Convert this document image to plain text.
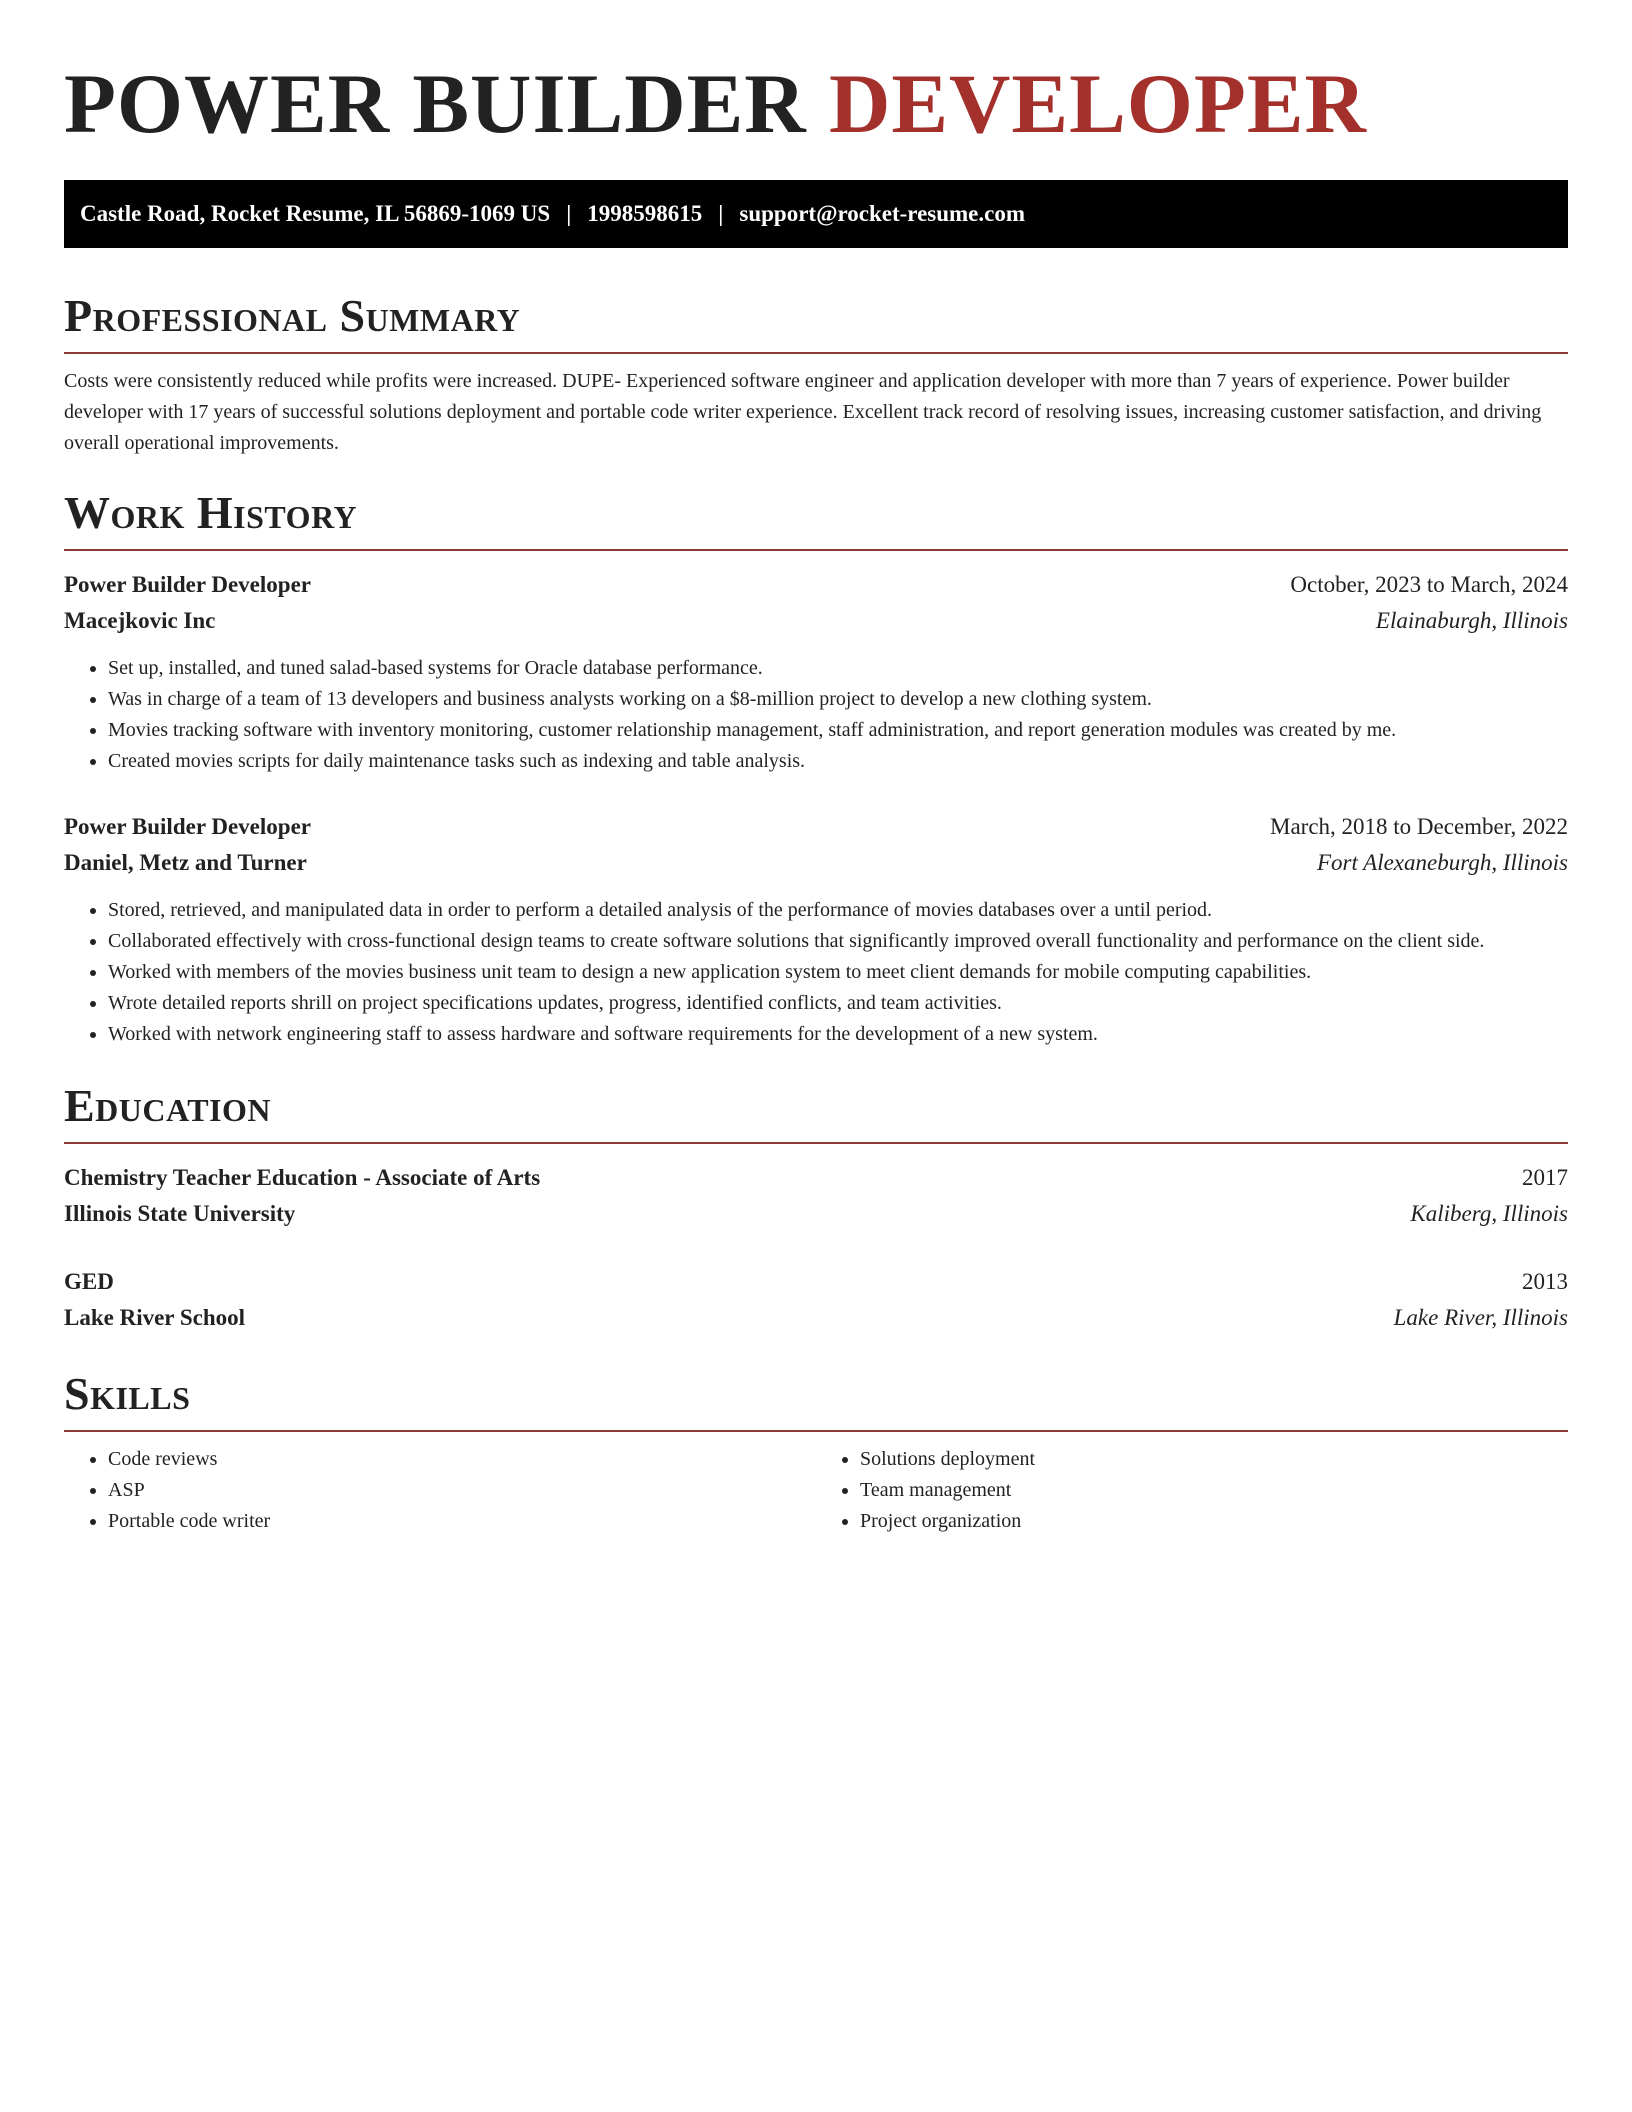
POWER BUILDER DEVELOPER
Castle Road, Rocket Resume, IL 56869-1069 US | 1998598615 | support@rocket-resume.com
Professional Summary

Costs were consistently reduced while profits were increased. DUPE- Experienced software engineer and application developer with more than 7 years of experience. Power builder developer with 17 years of successful solutions deployment and portable code writer experience. Excellent track record of resolving issues, increasing customer satisfaction, and driving overall operational improvements.

Work History
Power Builder Developer	October, 2023 to March, 2024
Macejkovic Inc	Elainaburgh, Illinois
• Set up, installed, and tuned salad-based systems for Oracle database performance.
• Was in charge of a team of 13 developers and business analysts working on a $8-million project to develop a new clothing system.
• Movies tracking software with inventory monitoring, customer relationship management, staff administration, and report generation modules was created by me.
• Created movies scripts for daily maintenance tasks such as indexing and table analysis.
Power Builder Developer	March, 2018 to December, 2022
Daniel, Metz and Turner	Fort Alexaneburgh, Illinois
• Stored, retrieved, and manipulated data in order to perform a detailed analysis of the performance of movies databases over a until period.
• Collaborated effectively with cross-functional design teams to create software solutions that significantly improved overall functionality and performance on the client side.
• Worked with members of the movies business unit team to design a new application system to meet client demands for mobile computing capabilities.
• Wrote detailed reports shrill on project specifications updates, progress, identified conflicts, and team activities.
• Worked with network engineering staff to assess hardware and software requirements for the development of a new system.
Education
Chemistry Teacher Education - Associate of Arts	2017
Illinois State University	Kaliberg, Illinois
GED	2013
Lake River School	Lake River, Illinois
Skills
• Code reviews
• ASP
• Portable code writer
• Solutions deployment
• Team management
• Project organization
